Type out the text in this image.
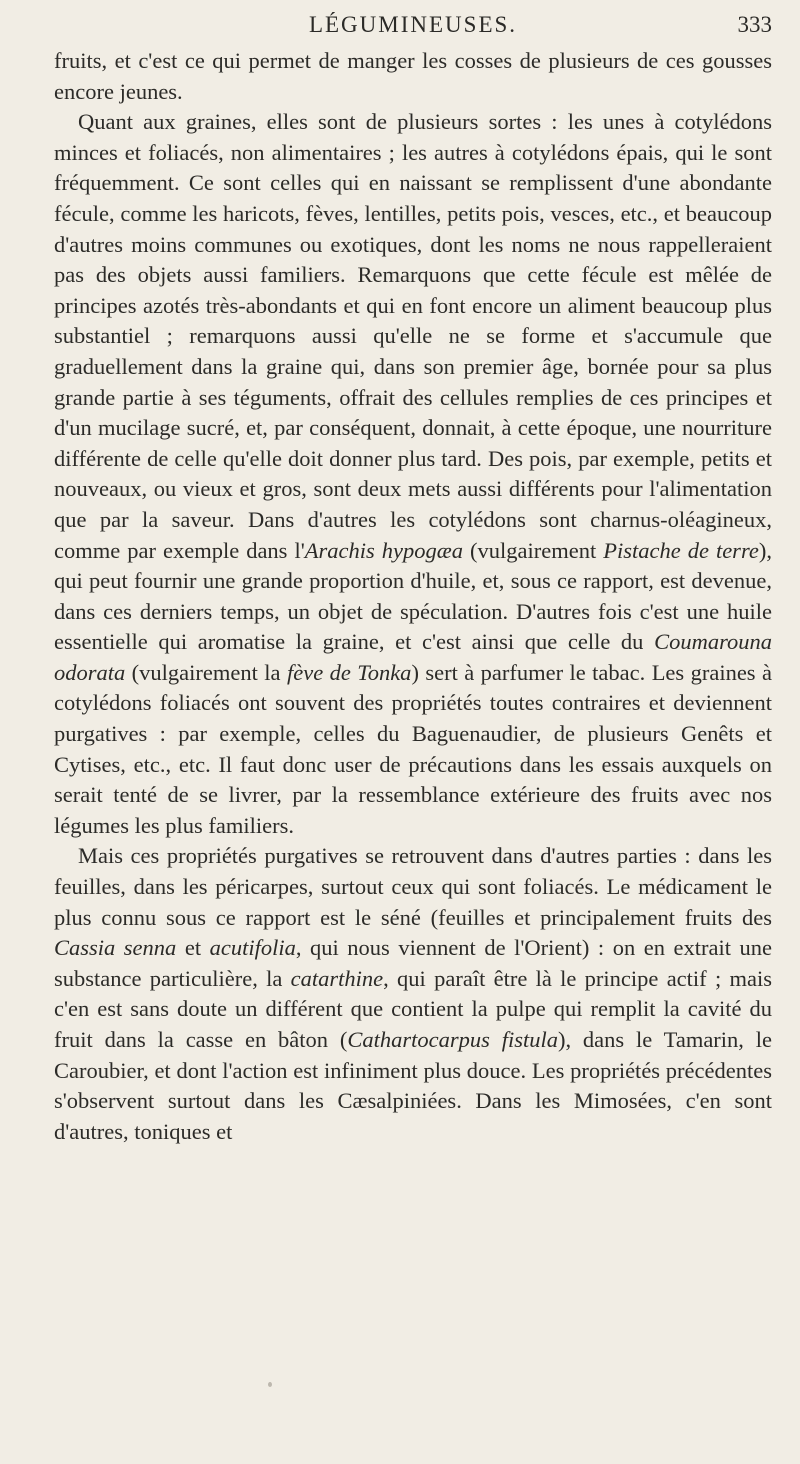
LÉGUMINEUSES.	333

fruits, et c'est ce qui permet de manger les cosses de plusieurs de ces gousses encore jeunes.

Quant aux graines, elles sont de plusieurs sortes : les unes à cotylédons minces et foliacés, non alimentaires ; les autres à cotylédons épais, qui le sont fréquemment. Ce sont celles qui en naissant se remplissent d'une abondante fécule, comme les haricots, fèves, lentilles, petits pois, vesces, etc., et beaucoup d'autres moins communes ou exotiques, dont les noms ne nous rappelleraient pas des objets aussi familiers. Remarquons que cette fécule est mêlée de principes azotés très-abondants et qui en font encore un aliment beaucoup plus substantiel ; remarquons aussi qu'elle ne se forme et s'accumule que graduellement dans la graine qui, dans son premier âge, bornée pour sa plus grande partie à ses téguments, offrait des cellules remplies de ces principes et d'un mucilage sucré, et, par conséquent, donnait, à cette époque, une nourriture différente de celle qu'elle doit donner plus tard. Des pois, par exemple, petits et nouveaux, ou vieux et gros, sont deux mets aussi différents pour l'alimentation que par la saveur. Dans d'autres les cotylédons sont charnus-oléagineux, comme par exemple dans l'Arachis hypogæa (vulgairement Pistache de terre), qui peut fournir une grande proportion d'huile, et, sous ce rapport, est devenue, dans ces derniers temps, un objet de spéculation. D'autres fois c'est une huile essentielle qui aromatise la graine, et c'est ainsi que celle du Coumarouna odorata (vulgairement la fève de Tonka) sert à parfumer le tabac. Les graines à cotylédons foliacés ont souvent des propriétés toutes contraires et deviennent purgatives : par exemple, celles du Baguenaudier, de plusieurs Genêts et Cytises, etc., etc. Il faut donc user de précautions dans les essais auxquels on serait tenté de se livrer, par la ressemblance extérieure des fruits avec nos légumes les plus familiers.

Mais ces propriétés purgatives se retrouvent dans d'autres parties : dans les feuilles, dans les péricarpes, surtout ceux qui sont foliacés. Le médicament le plus connu sous ce rapport est le séné (feuilles et principalement fruits des Cassia senna et acutifolia, qui nous viennent de l'Orient) : on en extrait une substance particulière, la catarthine, qui paraît être là le principe actif ; mais c'en est sans doute un différent que contient la pulpe qui remplit la cavité du fruit dans la casse en bâton (Cathartocarpus fistula), dans le Tamarin, le Caroubier, et dont l'action est infiniment plus douce. Les propriétés précédentes s'observent surtout dans les Cæsalpiniées. Dans les Mimosées, c'en sont d'autres, toniques et
